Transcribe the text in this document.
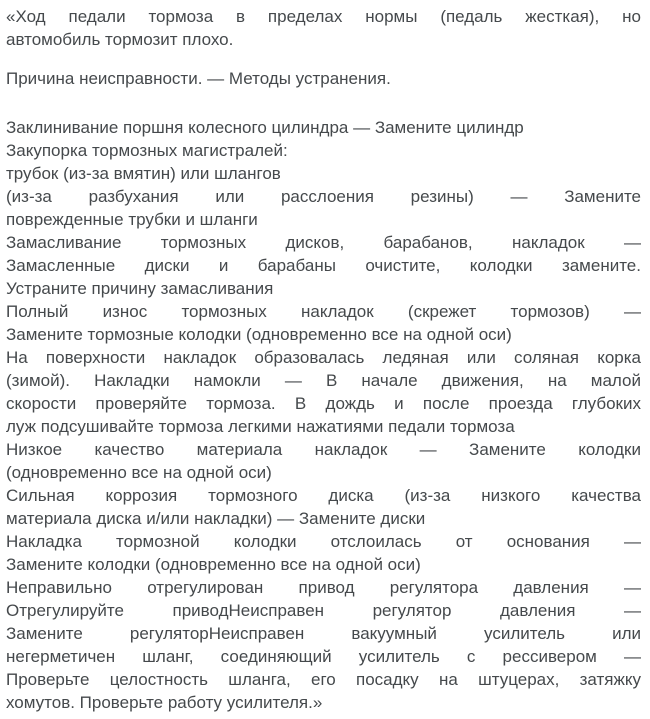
«Ход педали тормоза в пределах нормы (педаль жесткая), но
автомобиль тормозит плохо.

Причина неисправности. — Методы устранения.

Заклинивание поршня колесного цилиндра — Замените цилиндр
Закупорка тормозных магистралей:
трубок (из-за вмятин) или шлангов
(из-за разбухания или расслоения резины) — Замените
поврежденные трубки и шланги
Замасливание тормозных дисков, барабанов, накладок —
Замасленные диски и барабаны очистите, колодки замените.
Устраните причину замасливания
Полный износ тормозных накладок (скрежет тормозов) —
Замените тормозные колодки (одновременно все на одной оси)
На поверхности накладок образовалась ледяная или соляная корка
(зимой). Накладки намокли — В начале движения, на малой
скорости проверяйте тормоза. В дождь и после проезда глубоких
луж подсушивайте тормоза легкими нажатиями педали тормоза
Низкое качество материала накладок — Замените колодки
(одновременно все на одной оси)
Сильная коррозия тормозного диска (из-за низкого качества
материала диска и/или накладки) — Замените диски
Накладка тормозной колодки отслоилась от основания —
Замените колодки (одновременно все на одной оси)
Неправильно отрегулирован привод регулятора давления —
Отрегулируйте приводНеисправен регулятор давления —
Замените регуляторНеисправен вакуумный усилитель или
негерметичен шланг, соединяющий усилитель с рессивером —
Проверьте целостность шланга, его посадку на штуцерах, затяжку
хомутов. Проверьте работу усилителя.»
